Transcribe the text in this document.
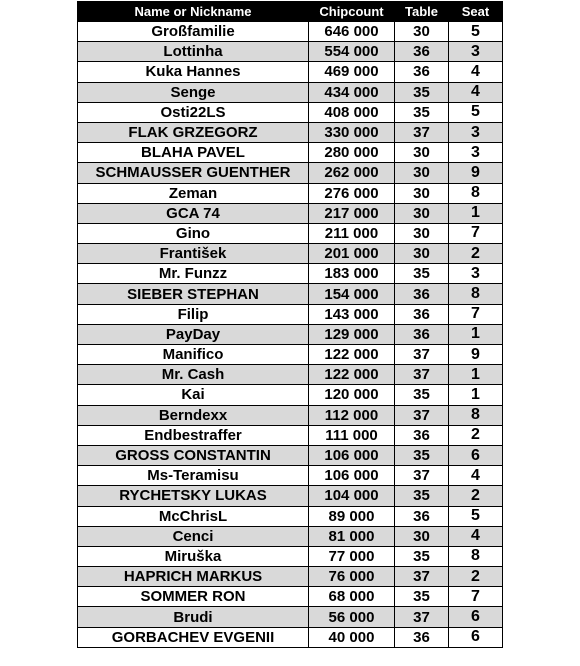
Name or Nickname	Chipcount	Table	Seat
Großfamilie	646 000	30	5
Lottinha	554 000	36	3
Kuka Hannes	469 000	36	4
Senge	434 000	35	4
Osti22LS	408 000	35	5
FLAK GRZEGORZ	330 000	37	3
BLAHA PAVEL	280 000	30	3
SCHMAUSSER GUENTHER	262 000	30	9
Zeman	276 000	30	8
GCA 74	217 000	30	1
Gino	211 000	30	7
František	201 000	30	2
Mr. Funzz	183 000	35	3
SIEBER STEPHAN	154 000	36	8
Filip	143 000	36	7
PayDay	129 000	36	1
Manifico	122 000	37	9
Mr. Cash	122 000	37	1
Kai	120 000	35	1
Berndexx	112 000	37	8
Endbestraffer	111 000	36	2
GROSS CONSTANTIN	106 000	35	6
Ms-Teramisu	106 000	37	4
RYCHETSKY LUKAS	104 000	35	2
McChrisL	89 000	36	5
Cenci	81 000	30	4
Miruška	77 000	35	8
HAPRICH MARKUS	76 000	37	2
SOMMER RON	68 000	35	7
Brudi	56 000	37	6
GORBACHEV EVGENII	40 000	36	6
